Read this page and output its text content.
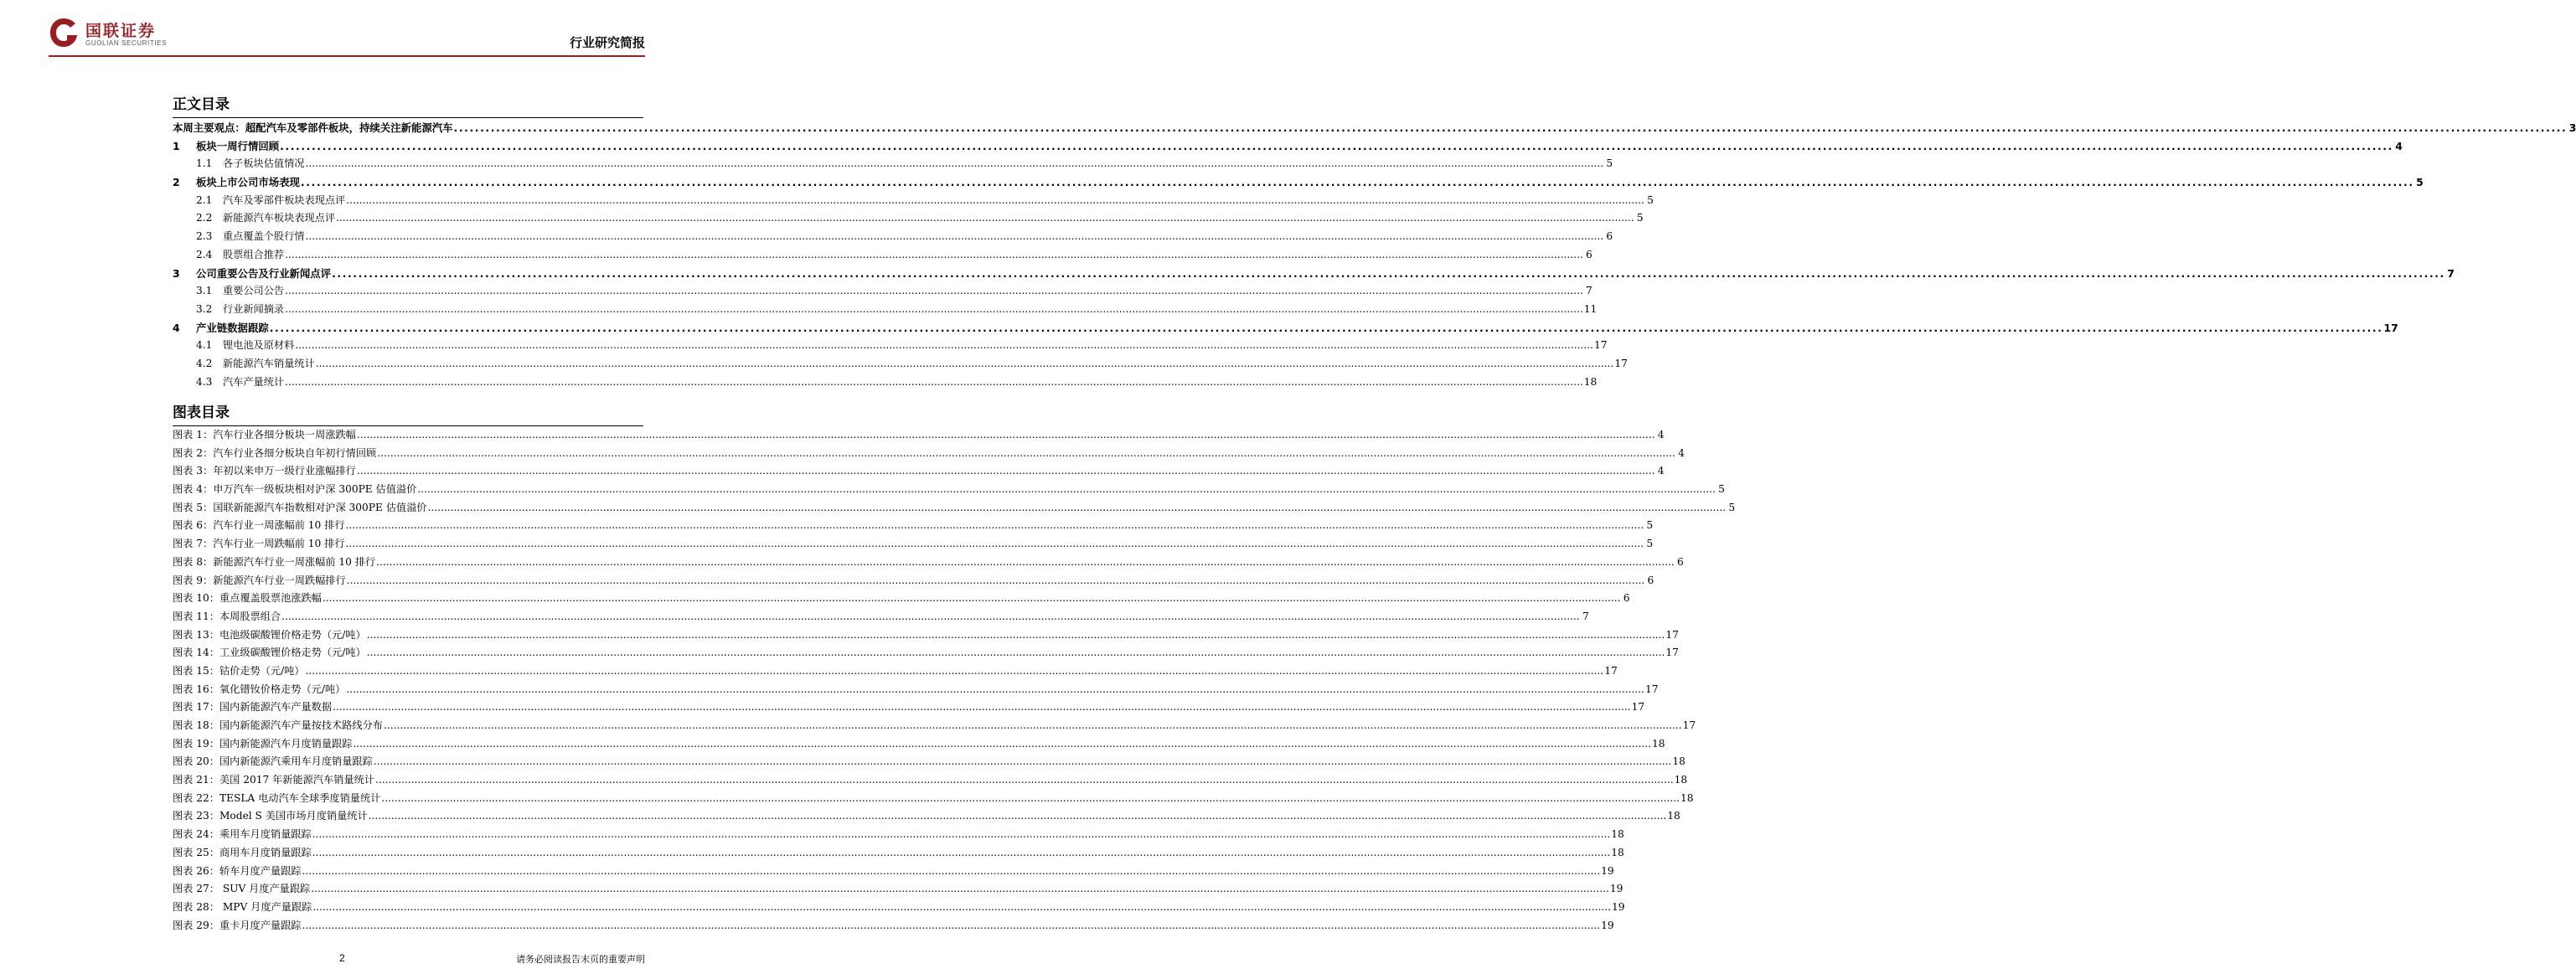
国联证券
GUOLIAN SECURITIES	行业研究简报
正文目录
本周主要观点：超配汽车及零部件板块，持续关注新能源汽车 ................................................................................................................................................................................................................................................................................................................................................................................................................ 3
1	板块一周行情回顾 ................................................................................................................................................................................................................................................................................................................................................................................................................ 4
1.1	各子板块估值情况 ................................................................................................................................................................................................................................................................................................................................................................................................................ 5
2	板块上市公司市场表现 ................................................................................................................................................................................................................................................................................................................................................................................................................ 5
2.1	汽车及零部件板块表现点评 ................................................................................................................................................................................................................................................................................................................................................................................................................ 5
2.2	新能源汽车板块表现点评 ................................................................................................................................................................................................................................................................................................................................................................................................................ 5
2.3	重点覆盖个股行情 ................................................................................................................................................................................................................................................................................................................................................................................................................ 6
2.4	股票组合推荐 ................................................................................................................................................................................................................................................................................................................................................................................................................ 6
3	公司重要公告及行业新闻点评 ................................................................................................................................................................................................................................................................................................................................................................................................................ 7
3.1	重要公司公告 ................................................................................................................................................................................................................................................................................................................................................................................................................ 7
3.2	行业新闻摘录 ................................................................................................................................................................................................................................................................................................................................................................................................................ 11
4	产业链数据跟踪 ................................................................................................................................................................................................................................................................................................................................................................................................................ 17
4.1	锂电池及原材料 ................................................................................................................................................................................................................................................................................................................................................................................................................ 17
4.2	新能源汽车销量统计 ................................................................................................................................................................................................................................................................................................................................................................................................................ 17
4.3	汽车产量统计 ................................................................................................................................................................................................................................................................................................................................................................................................................ 18
图表目录
图表 1：汽车行业各细分板块一周涨跌幅 ................................................................................................................................................................................................................................................................................................................................................................................................................ 4
图表 2：汽车行业各细分板块自年初行情回顾 ................................................................................................................................................................................................................................................................................................................................................................................................................ 4
图表 3：年初以来申万一级行业涨幅排行 ................................................................................................................................................................................................................................................................................................................................................................................................................ 4
图表 4：申万汽车一级板块相对沪深 300PE 估值溢价 ................................................................................................................................................................................................................................................................................................................................................................................................................ 5
图表 5：国联新能源汽车指数相对沪深 300PE 估值溢价 ................................................................................................................................................................................................................................................................................................................................................................................................................ 5
图表 6：汽车行业一周涨幅前 10 排行 ................................................................................................................................................................................................................................................................................................................................................................................................................ 5
图表 7：汽车行业一周跌幅前 10 排行 ................................................................................................................................................................................................................................................................................................................................................................................................................ 5
图表 8：新能源汽车行业一周涨幅前 10 排行 ................................................................................................................................................................................................................................................................................................................................................................................................................ 6
图表 9：新能源汽车行业一周跌幅排行 ................................................................................................................................................................................................................................................................................................................................................................................................................ 6
图表 10：重点覆盖股票池涨跌幅 ................................................................................................................................................................................................................................................................................................................................................................................................................ 6
图表 11：本周股票组合 ................................................................................................................................................................................................................................................................................................................................................................................................................ 7
图表 13：电池级碳酸锂价格走势（元/吨） ................................................................................................................................................................................................................................................................................................................................................................................................................ 17
图表 14：工业级碳酸锂价格走势（元/吨） ................................................................................................................................................................................................................................................................................................................................................................................................................ 17
图表 15：钴价走势（元/吨） ................................................................................................................................................................................................................................................................................................................................................................................................................ 17
图表 16：氧化镨钕价格走势（元/吨） ................................................................................................................................................................................................................................................................................................................................................................................................................ 17
图表 17：国内新能源汽车产量数据 ................................................................................................................................................................................................................................................................................................................................................................................................................ 17
图表 18：国内新能源汽车产量按技术路线分布 ................................................................................................................................................................................................................................................................................................................................................................................................................ 17
图表 19：国内新能源汽车月度销量跟踪 ................................................................................................................................................................................................................................................................................................................................................................................................................ 18
图表 20：国内新能源汽乘用车月度销量跟踪 ................................................................................................................................................................................................................................................................................................................................................................................................................ 18
图表 21：美国 2017 年新能源汽车销量统计 ................................................................................................................................................................................................................................................................................................................................................................................................................ 18
图表 22：TESLA 电动汽车全球季度销量统计 ................................................................................................................................................................................................................................................................................................................................................................................................................ 18
图表 23：Model S 美国市场月度销量统计 ................................................................................................................................................................................................................................................................................................................................................................................................................ 18
图表 24：乘用车月度销量跟踪 ................................................................................................................................................................................................................................................................................................................................................................................................................ 18
图表 25：商用车月度销量跟踪 ................................................................................................................................................................................................................................................................................................................................................................................................................ 18
图表 26：轿车月度产量跟踪 ................................................................................................................................................................................................................................................................................................................................................................................................................ 19
图表 27： SUV 月度产量跟踪 ................................................................................................................................................................................................................................................................................................................................................................................................................ 19
图表 28： MPV 月度产量跟踪 ................................................................................................................................................................................................................................................................................................................................................................................................................ 19
图表 29：重卡月度产量跟踪 ................................................................................................................................................................................................................................................................................................................................................................................................................ 19
2	请务必阅读报告末页的重要声明
